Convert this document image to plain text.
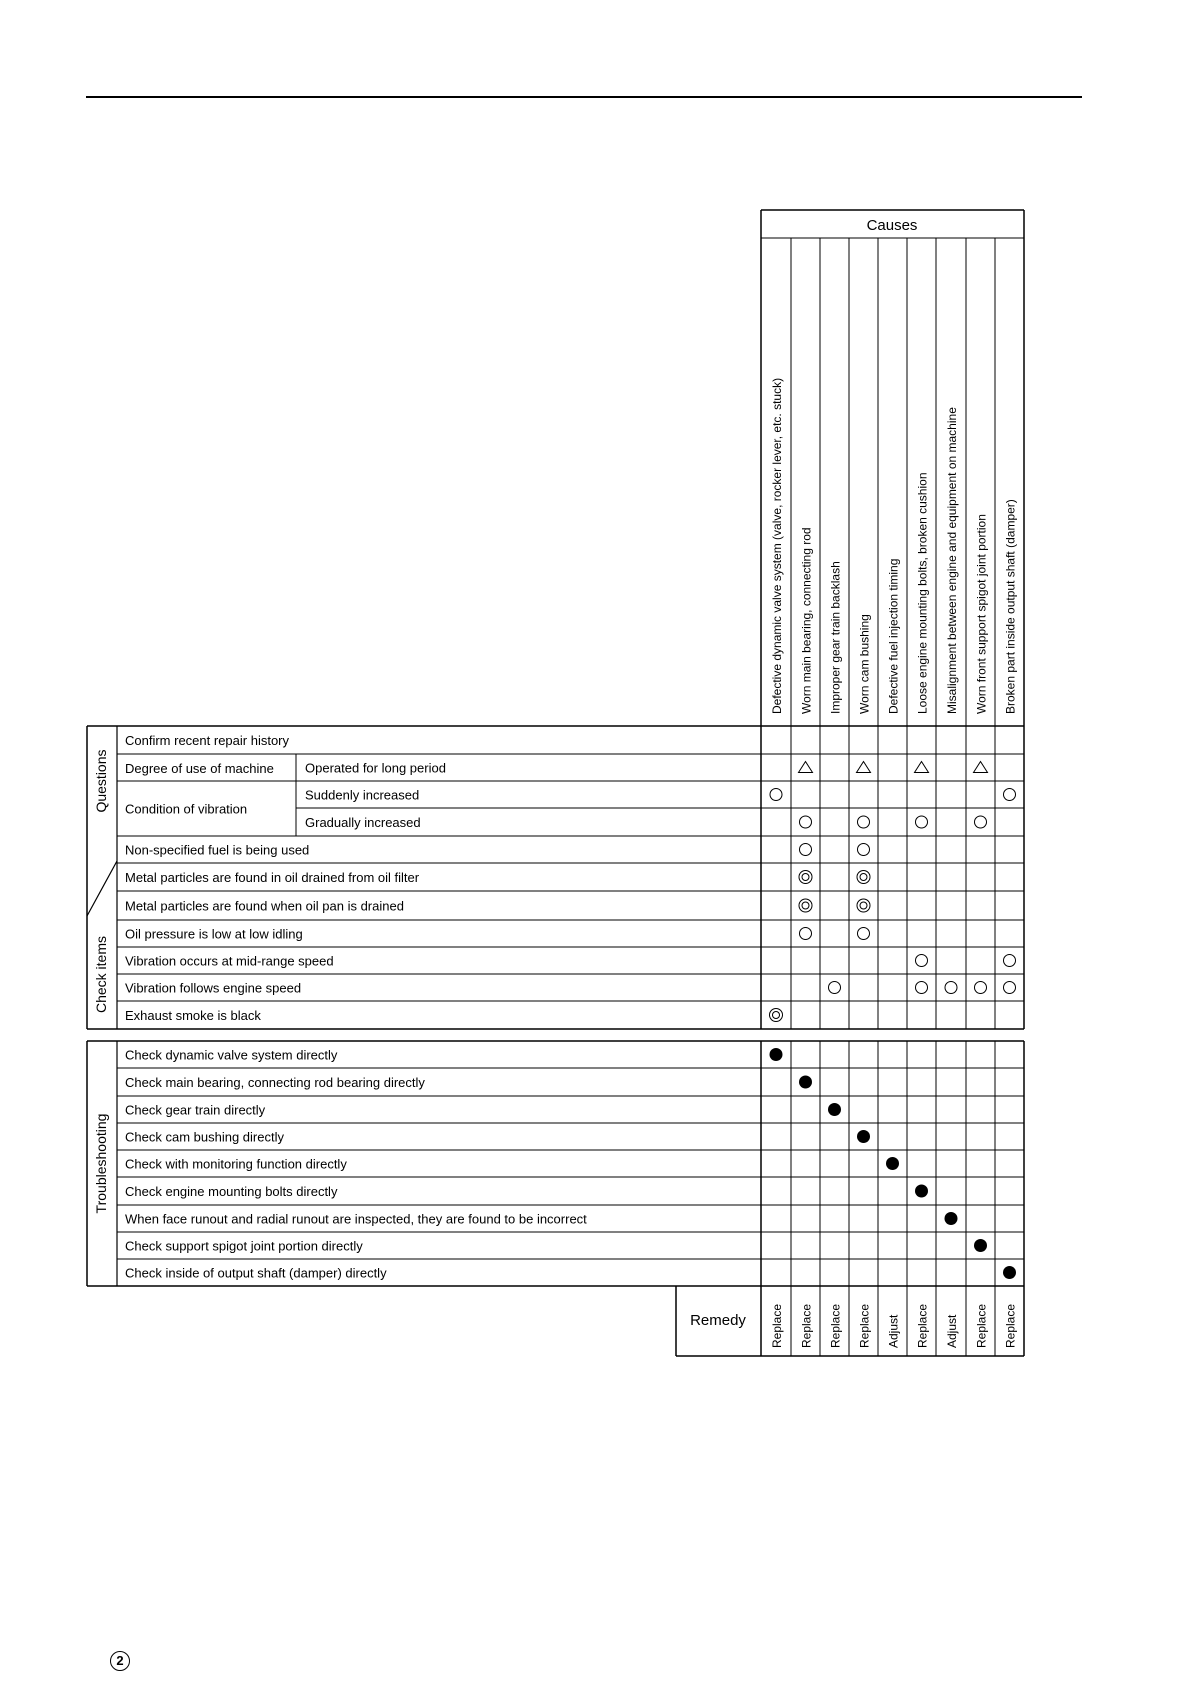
Causes
Defective dynamic valve system (valve, rocker lever, etc. stuck) Worn main bearing, connecting rod Improper gear train backlash Worn cam bushing Defective fuel injection timing Loose engine mounting bolts, broken cushion Misalignment between engine and equipment on machine Worn front support spigot joint portion Broken part inside output shaft (damper)
Questions
Check items
Degree of use of machine
Condition of vibration
Confirm recent repair history
Operated for long period
Suddenly increased
Gradually increased
Non-specified fuel is being used
Metal particles are found in oil drained from oil filter
Metal particles are found when oil pan is drained
Oil pressure is low at low idling
Vibration occurs at mid-range speed
Vibration follows engine speed
Exhaust smoke is black
Troubleshooting
Check dynamic valve system directly
Check main bearing, connecting rod bearing directly
Check gear train directly
Check cam bushing directly
Check with monitoring function directly
Check engine mounting bolts directly
When face runout and radial runout are inspected, they are found to be incorrect
Check support spigot joint portion directly
Check inside of output shaft (damper) directly
Remedy Replace Replace Replace Replace Adjust Replace Adjust Replace Replace
2
